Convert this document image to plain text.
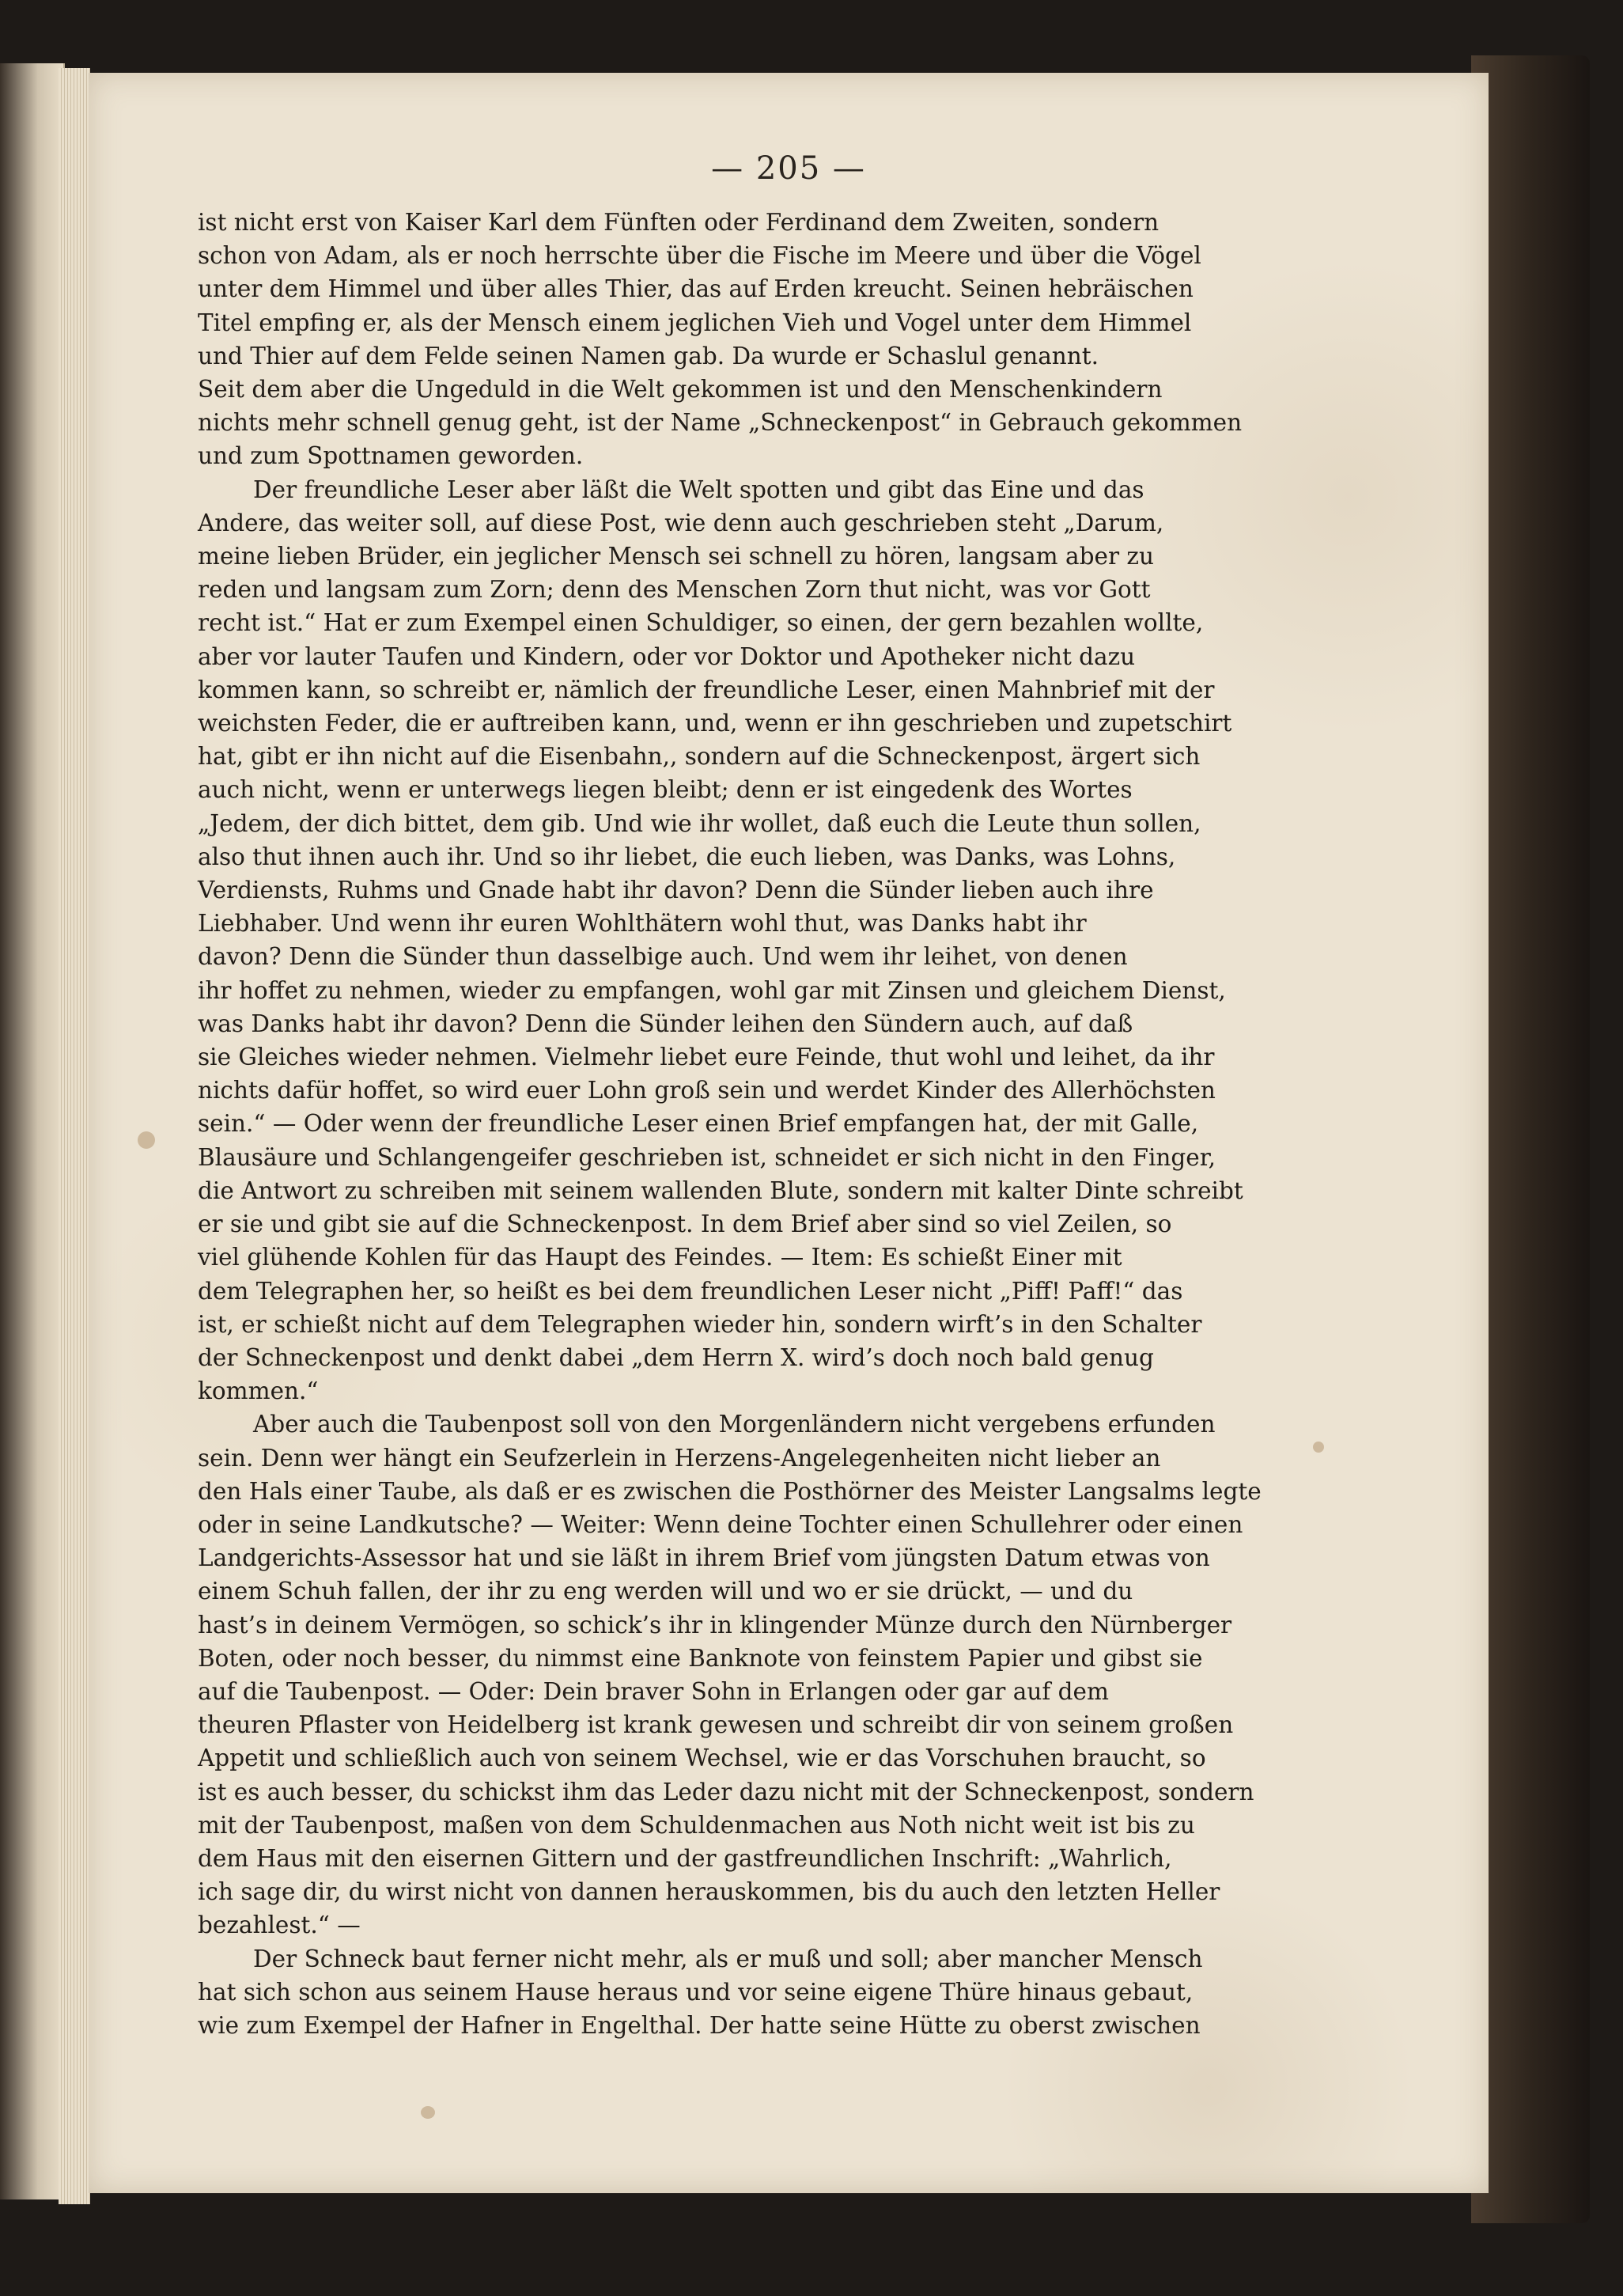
— 205 —

ist nicht erst von Kaiser Karl dem Fünften oder Ferdinand dem Zweiten, sondern
schon von Adam, als er noch herrschte über die Fische im Meere und über die Vögel
unter dem Himmel und über alles Thier, das auf Erden kreucht. Seinen hebräischen
Titel empfing er, als der Mensch einem jeglichen Vieh und Vogel unter dem Himmel
und Thier auf dem Felde seinen Namen gab. Da wurde er Schaslul genannt.
Seit dem aber die Ungeduld in die Welt gekommen ist und den Menschenkindern
nichts mehr schnell genug geht, ist der Name „Schneckenpost“ in Gebrauch gekommen
und zum Spottnamen geworden.

Der freundliche Leser aber läßt die Welt spotten und gibt das Eine und das
Andere, das weiter soll, auf diese Post, wie denn auch geschrieben steht „Darum,
meine lieben Brüder, ein jeglicher Mensch sei schnell zu hören, langsam aber zu
reden und langsam zum Zorn; denn des Menschen Zorn thut nicht, was vor Gott
recht ist.“ Hat er zum Exempel einen Schuldiger, so einen, der gern bezahlen wollte,
aber vor lauter Taufen und Kindern, oder vor Doktor und Apotheker nicht dazu
kommen kann, so schreibt er, nämlich der freundliche Leser, einen Mahnbrief mit der
weichsten Feder, die er auftreiben kann, und, wenn er ihn geschrieben und zupetschirt
hat, gibt er ihn nicht auf die Eisenbahn,, sondern auf die Schneckenpost, ärgert sich
auch nicht, wenn er unterwegs liegen bleibt; denn er ist eingedenk des Wortes
„Jedem, der dich bittet, dem gib. Und wie ihr wollet, daß euch die Leute thun sollen,
also thut ihnen auch ihr. Und so ihr liebet, die euch lieben, was Danks, was Lohns,
Verdiensts, Ruhms und Gnade habt ihr davon? Denn die Sünder lieben auch ihre
Liebhaber. Und wenn ihr euren Wohlthätern wohl thut, was Danks habt ihr
davon? Denn die Sünder thun dasselbige auch. Und wem ihr leihet, von denen
ihr hoffet zu nehmen, wieder zu empfangen, wohl gar mit Zinsen und gleichem Dienst,
was Danks habt ihr davon? Denn die Sünder leihen den Sündern auch, auf daß
sie Gleiches wieder nehmen. Vielmehr liebet eure Feinde, thut wohl und leihet, da ihr
nichts dafür hoffet, so wird euer Lohn groß sein und werdet Kinder des Allerhöchsten
sein.“ — Oder wenn der freundliche Leser einen Brief empfangen hat, der mit Galle,
Blausäure und Schlangengeifer geschrieben ist, schneidet er sich nicht in den Finger,
die Antwort zu schreiben mit seinem wallenden Blute, sondern mit kalter Dinte schreibt
er sie und gibt sie auf die Schneckenpost. In dem Brief aber sind so viel Zeilen, so
viel glühende Kohlen für das Haupt des Feindes. — Item: Es schießt Einer mit
dem Telegraphen her, so heißt es bei dem freundlichen Leser nicht „Piff! Paff!“ das
ist, er schießt nicht auf dem Telegraphen wieder hin, sondern wirft’s in den Schalter
der Schneckenpost und denkt dabei „dem Herrn X. wird’s doch noch bald genug
kommen.“

Aber auch die Taubenpost soll von den Morgenländern nicht vergebens erfunden
sein. Denn wer hängt ein Seufzerlein in Herzens-Angelegenheiten nicht lieber an
den Hals einer Taube, als daß er es zwischen die Posthörner des Meister Langsalms legte
oder in seine Landkutsche? — Weiter: Wenn deine Tochter einen Schullehrer oder einen
Landgerichts-Assessor hat und sie läßt in ihrem Brief vom jüngsten Datum etwas von
einem Schuh fallen, der ihr zu eng werden will und wo er sie drückt, — und du
hast’s in deinem Vermögen, so schick’s ihr in klingender Münze durch den Nürnberger
Boten, oder noch besser, du nimmst eine Banknote von feinstem Papier und gibst sie
auf die Taubenpost. — Oder: Dein braver Sohn in Erlangen oder gar auf dem
theuren Pflaster von Heidelberg ist krank gewesen und schreibt dir von seinem großen
Appetit und schließlich auch von seinem Wechsel, wie er das Vorschuhen braucht, so
ist es auch besser, du schickst ihm das Leder dazu nicht mit der Schneckenpost, sondern
mit der Taubenpost, maßen von dem Schuldenmachen aus Noth nicht weit ist bis zu
dem Haus mit den eisernen Gittern und der gastfreundlichen Inschrift: „Wahrlich,
ich sage dir, du wirst nicht von dannen herauskommen, bis du auch den letzten Heller
bezahlest.“ —

Der Schneck baut ferner nicht mehr, als er muß und soll; aber mancher Mensch
hat sich schon aus seinem Hause heraus und vor seine eigene Thüre hinaus gebaut,
wie zum Exempel der Hafner in Engelthal. Der hatte seine Hütte zu oberst zwischen
